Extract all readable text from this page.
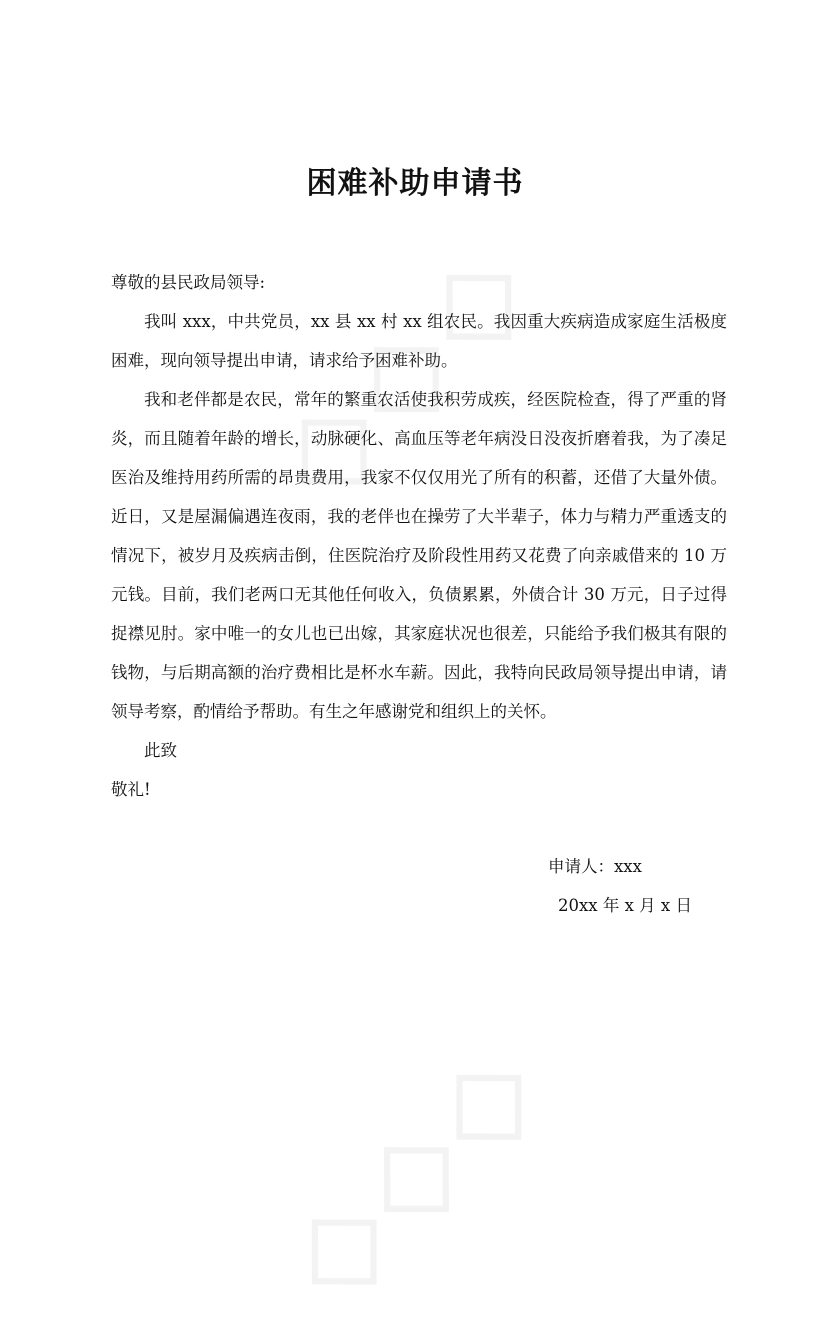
困难补助申请书

尊敬的县民政局领导:

我叫 xxx，中共党员，xx 县 xx 村 xx 组农民。我因重大疾病造成家庭生活极度困难，现向领导提出申请，请求给予困难补助。

我和老伴都是农民，常年的繁重农活使我积劳成疾，经医院检查，得了严重的肾炎，而且随着年龄的增长，动脉硬化、高血压等老年病没日没夜折磨着我，为了凑足医治及维持用药所需的昂贵费用，我家不仅仅用光了所有的积蓄，还借了大量外债。近日，又是屋漏偏遇连夜雨，我的老伴也在操劳了大半辈子，体力与精力严重透支的情况下，被岁月及疾病击倒，住医院治疗及阶段性用药又花费了向亲戚借来的 10 万元钱。目前，我们老两口无其他任何收入，负债累累，外债合计 30 万元，日子过得捉襟见肘。家中唯一的女儿也已出嫁，其家庭状况也很差，只能给予我们极其有限的钱物，与后期高额的治疗费相比是杯水车薪。因此，我特向民政局领导提出申请，请领导考察，酌情给予帮助。有生之年感谢党和组织上的关怀。

此致

敬礼!

申请人：xxx
20xx 年 x 月 x 日
